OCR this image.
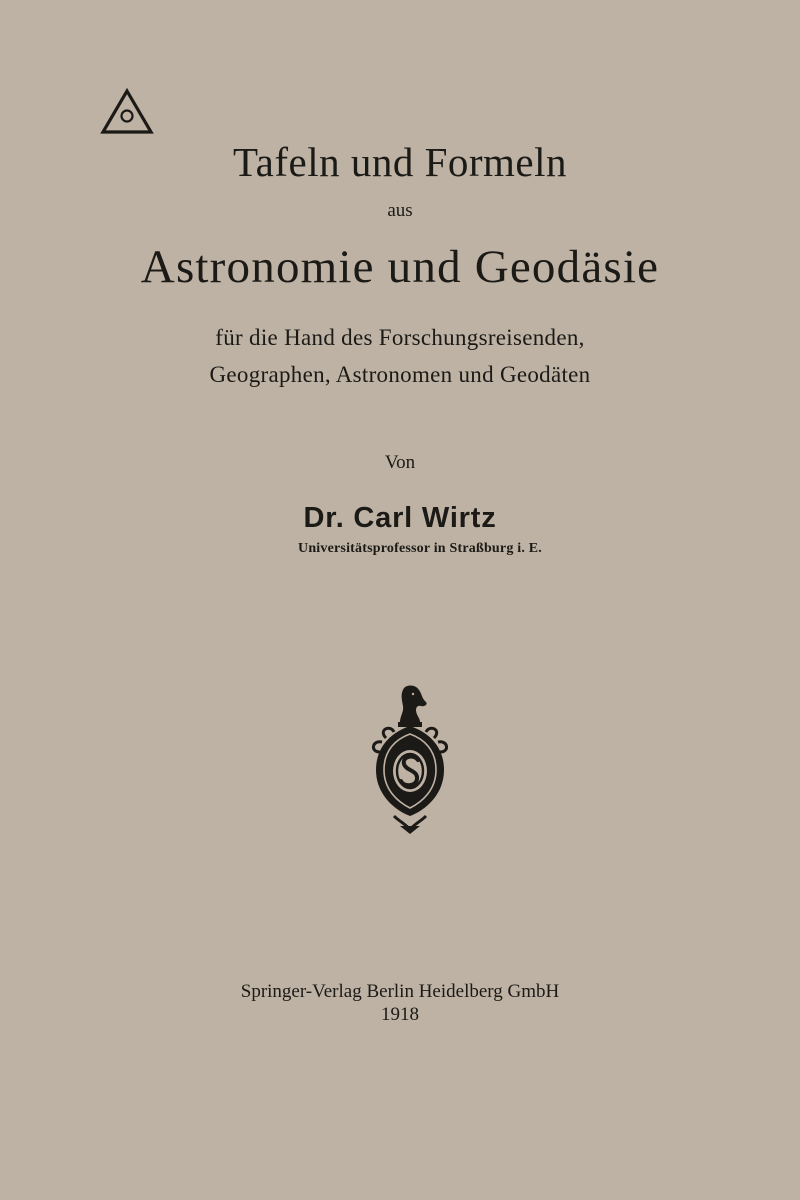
Tafeln und Formeln
aus
Astronomie und Geodäsie
für die Hand des Forschungsreisenden,
Geographen, Astronomen und Geodäten
Von
Dr. Carl Wirtz
Universitätsprofessor in Straßburg i. E.
Springer-Verlag Berlin Heidelberg GmbH
1918
